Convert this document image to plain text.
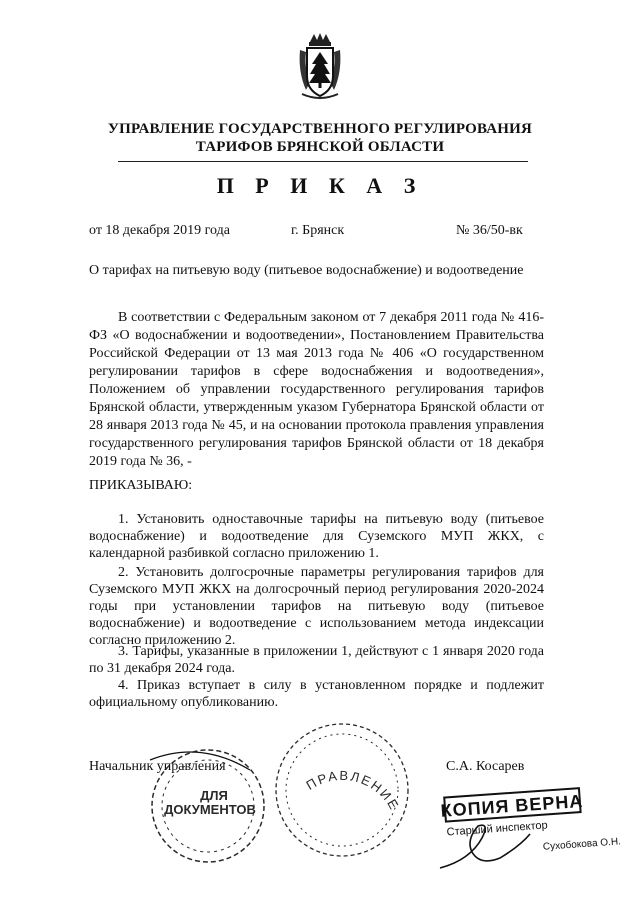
УПРАВЛЕНИЕ ГОСУДАРСТВЕННОГО РЕГУЛИРОВАНИЯ
ТАРИФОВ БРЯНСКОЙ ОБЛАСТИ
П Р И К А З
от 18 декабря 2019 года	г. Брянск	№ 36/50-вк
О тарифах на питьевую воду (питьевое водоснабжение) и водоотведение
В соответствии с Федеральным законом от 7 декабря 2011 года № 416-ФЗ «О водоснабжении и водоотведении», Постановлением Правительства Российской Федерации от 13 мая 2013 года № 406 «О государственном регулировании тарифов в сфере водоснабжения и водоотведения», Положением об управлении государственного регулирования тарифов Брянской области, утвержденным указом Губернатора Брянской области от 28 января 2013 года № 45, и на основании протокола правления управления государственного регулирования тарифов Брянской области от 18 декабря 2019 года № 36, -
ПРИКАЗЫВАЮ:
1. Установить одноставочные тарифы на питьевую воду (питьевое водоснабжение) и водоотведение для Суземского МУП ЖКХ, с календарной разбивкой согласно приложению 1.
2. Установить долгосрочные параметры регулирования тарифов для Суземского МУП ЖКХ на долгосрочный период регулирования 2020-2024 годы при установлении тарифов на питьевую воду (питьевое водоснабжение) и водоотведение с использованием метода индексации согласно приложению 2.
3. Тарифы, указанные в приложении 1, действуют с 1 января 2020 года по 31 декабря 2024 года.
4. Приказ вступает в силу в установленном порядке и подлежит официальному опубликованию.
Начальник управления	С.А. Косарев
ДЛЯ
ДОКУМЕНТОВ
ПРАВЛЕНИЕ КОПИЯ ВЕРНА
Старший инспектор
Сухобокова О.Н.
